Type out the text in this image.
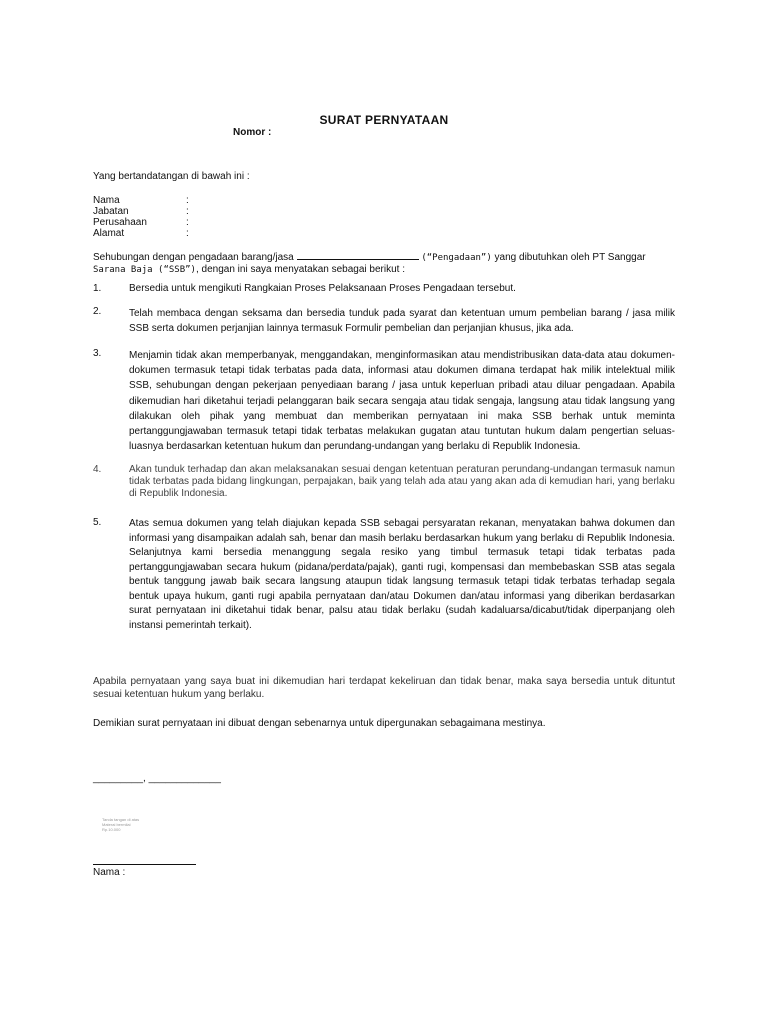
SURAT PERNYATAAN
Nomor :
Yang bertandatangan di bawah ini :
Nama	:
Jabatan	:
Perusahaan	:
Alamat	:
Sehubungan dengan pengadaan barang/jasa	(“Pengadaan”) yang dibutuhkan oleh PT Sanggar
Sarana Baja (“SSB”), dengan ini saya menyatakan sebagai berikut :
1.	Bersedia untuk mengikuti Rangkaian Proses Pelaksanaan Proses Pengadaan tersebut.
2.	Telah membaca dengan seksama dan bersedia tunduk pada syarat dan ketentuan umum pembelian barang / jasa milik SSB serta dokumen perjanjian lainnya termasuk Formulir pembelian dan perjanjian khusus, jika ada.
3.	Menjamin tidak akan memperbanyak, menggandakan, menginformasikan atau mendistribusikan data-data atau dokumen-dokumen termasuk tetapi tidak terbatas pada data, informasi atau dokumen dimana terdapat hak milik intelektual milik SSB, sehubungan dengan pekerjaan penyediaan barang / jasa untuk keperluan pribadi atau diluar pengadaan. Apabila dikemudian hari diketahui terjadi pelanggaran baik secara sengaja atau tidak sengaja, langsung atau tidak langsung yang dilakukan oleh pihak yang membuat dan memberikan pernyataan ini maka SSB berhak untuk meminta pertanggungjawaban termasuk tetapi tidak terbatas melakukan gugatan atau tuntutan hukum dalam pengertian seluas-luasnya berdasarkan ketentuan hukum dan perundang-undangan yang berlaku di Republik Indonesia.
4.	Akan tunduk terhadap dan akan melaksanakan sesuai dengan ketentuan peraturan perundang-undangan termasuk namun tidak terbatas pada bidang lingkungan, perpajakan, baik yang telah ada atau yang akan ada di kemudian hari, yang berlaku di Republik Indonesia.
5.	Atas semua dokumen yang telah diajukan kepada SSB sebagai persyaratan rekanan, menyatakan bahwa dokumen dan informasi yang disampaikan adalah sah, benar dan masih berlaku berdasarkan hukum yang berlaku di Republik Indonesia. Selanjutnya kami bersedia menanggung segala resiko yang timbul termasuk tetapi tidak terbatas pada pertanggungjawaban secara hukum (pidana/perdata/pajak), ganti rugi, kompensasi dan membebaskan SSB atas segala bentuk tanggung jawab baik secara langsung ataupun tidak langsung termasuk tetapi tidak terbatas terhadap segala bentuk upaya hukum, ganti rugi apabila pernyataan dan/atau Dokumen dan/atau informasi yang diberikan berdasarkan surat pernyataan ini diketahui tidak benar, palsu atau tidak berlaku (sudah kadaluarsa/dicabut/tidak diperpanjang oleh instansi pemerintah terkait).
Apabila pernyataan yang saya buat ini dikemudian hari terdapat kekeliruan dan tidak benar, maka saya bersedia untuk dituntut sesuai ketentuan hukum yang berlaku.
Demikian surat pernyataan ini dibuat dengan sebenarnya untuk dipergunakan sebagaimana mestinya.
_________, _____________
Tanda tangan di atas
Materai bermilai
Rp.10.000
Nama :
